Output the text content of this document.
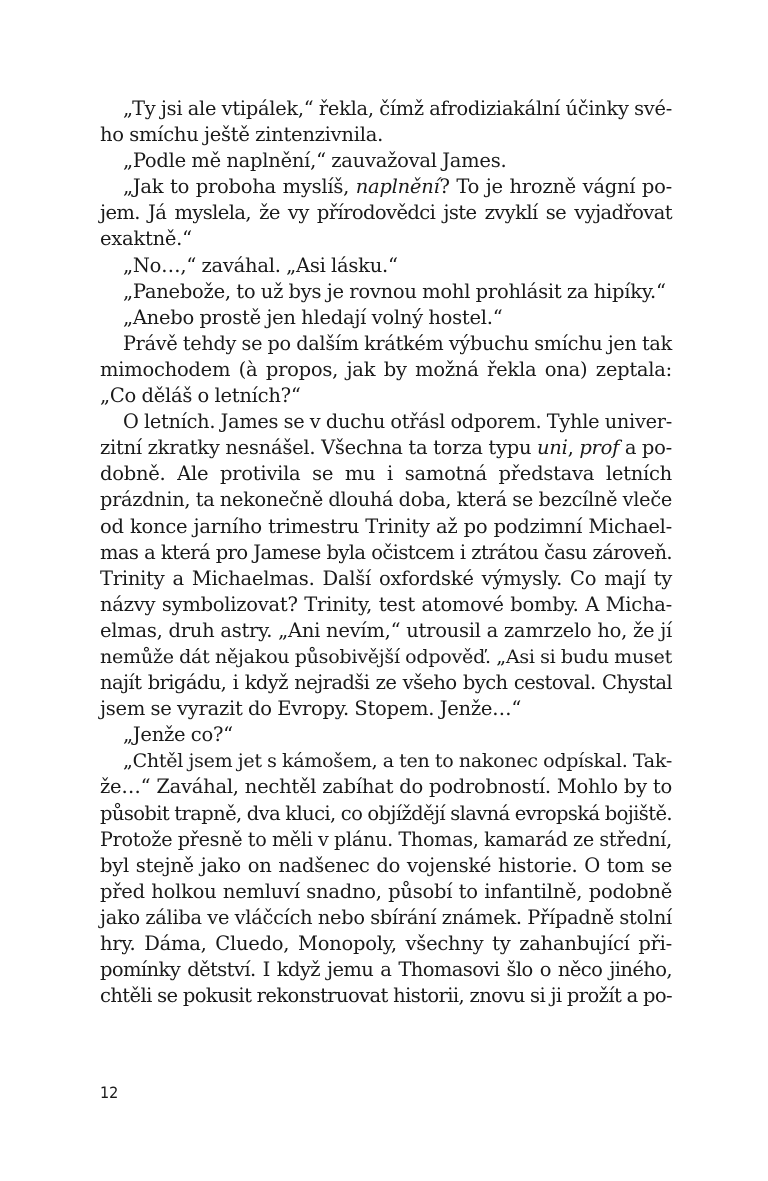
„Ty jsi ale vtipálek,“ řekla, čímž afrodiziakální účinky své-
ho smíchu ještě zintenzivnila.
„Podle mě naplnění,“ zauvažoval James.
„Jak to proboha myslíš, naplnění? To je hrozně vágní po-
jem. Já myslela, že vy přírodovědci jste zvyklí se vyjadřovat
exaktně.“
„No…,“ zaváhal. „Asi lásku.“
„Panebože, to už bys je rovnou mohl prohlásit za hipíky.“
„Anebo prostě jen hledají volný hostel.“
Právě tehdy se po dalším krátkém výbuchu smíchu jen tak
mimochodem (à propos, jak by možná řekla ona) zeptala:
„Co děláš o letních?“
O letních. James se v duchu otřásl odporem. Tyhle univer-
zitní zkratky nesnášel. Všechna ta torza typu uni, prof a po-
dobně. Ale protivila se mu i samotná představa letních
prázdnin, ta nekonečně dlouhá doba, která se bezcílně vleče
od konce jarního trimestru Trinity až po podzimní Michael-
mas a která pro Jamese byla očistcem i ztrátou času zároveň.
Trinity a Michaelmas. Další oxfordské výmysly. Co mají ty
názvy symbolizovat? Trinity, test atomové bomby. A Micha-
elmas, druh astry. „Ani nevím,“ utrousil a zamrzelo ho, že jí
nemůže dát nějakou působivější odpověď. „Asi si budu muset
najít brigádu, i když nejradši ze všeho bych cestoval. Chystal
jsem se vyrazit do Evropy. Stopem. Jenže…“
„Jenže co?“
„Chtěl jsem jet s kámošem, a ten to nakonec odpískal. Tak-
že…“ Zaváhal, nechtěl zabíhat do podrobností. Mohlo by to
působit trapně, dva kluci, co objíždějí slavná evropská bojiště.
Protože přesně to měli v plánu. Thomas, kamarád ze střední,
byl stejně jako on nadšenec do vojenské historie. O tom se
před holkou nemluví snadno, působí to infantilně, podobně
jako záliba ve vláčcích nebo sbírání známek. Případně stolní
hry. Dáma, Cluedo, Monopoly, všechny ty zahanbující při-
pomínky dětství. I když jemu a Thomasovi šlo o něco jiného,
chtěli se pokusit rekonstruovat historii, znovu si ji prožít a po-
12
